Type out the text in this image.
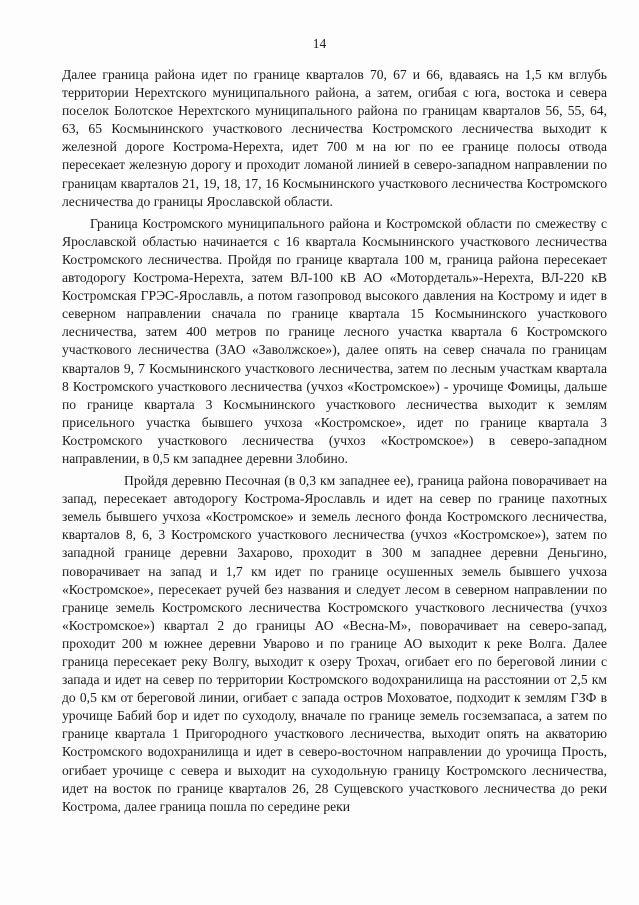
14

Далее граница района идет по границе кварталов 70, 67 и 66, вдаваясь на 1,5 км вглубь территории Нерехтского муниципального района, а затем, огибая с юга, востока и севера поселок Болотское Нерехтского муниципального района по границам кварталов 56, 55, 64, 63, 65 Космынинского участкового лесничества Костромского лесничества выходит к железной дороге Кострома-Нерехта, идет 700 м на юг по ее границе полосы отвода пересекает железную дорогу и проходит ломаной линией в северо-западном направлении по границам кварталов 21, 19, 18, 17, 16 Космынинского участкового лесничества Костромского лесничества до границы Ярославской области.

Граница Костромского муниципального района и Костромской области по смежеству с Ярославской областью начинается с 16 квартала Космынинского участкового лесничества Костромского лесничества. Пройдя по границе квартала 100 м, граница района пересекает автодорогу Кострома-Нерехта, затем ВЛ-100 кВ АО «Мотордеталь»-Нерехта, ВЛ-220 кВ Костромская ГРЭС-Ярославль, а потом газопровод высокого давления на Кострому и идет в северном направлении сначала по границе квартала 15 Космынинского участкового лесничества, затем 400 метров по границе лесного участка квартала 6 Костромского участкового лесничества (ЗАО «Заволжское»), далее опять на север сначала по границам кварталов 9, 7 Космынинского участкового лесничества, затем по лесным участкам квартала 8 Костромского участкового лесничества (учхоз «Костромское») - урочище Фомицы, дальше по границе квартала 3 Космынинского участкового лесничества выходит к землям присельного участка бывшего учхоза «Костромское», идет по границе квартала 3 Костромского участкового лесничества (учхоз «Костромское») в северо-западном направлении, в 0,5 км западнее деревни Злобино.

Пройдя деревню Песочная (в 0,3 км западнее ее), граница района поворачивает на запад, пересекает автодорогу Кострома-Ярославль и идет на север по границе пахотных земель бывшего учхоза «Костромское» и земель лесного фонда Костромского лесничества, кварталов 8, 6, 3 Костромского участкового лесничества (учхоз «Костромское»), затем по западной границе деревни Захарово, проходит в 300 м западнее деревни Деньгино, поворачивает на запад и 1,7 км идет по границе осушенных земель бывшего учхоза «Костромское», пересекает ручей без названия и следует лесом в северном направлении по границе земель Костромского лесничества Костромского участкового лесничества (учхоз «Костромское») квартал 2 до границы АО «Весна-М», поворачивает на северо-запад, проходит 200 м южнее деревни Уварово и по границе АО выходит к реке Волга. Далее граница пересекает реку Волгу, выходит к озеру Трохач, огибает его по береговой линии с запада и идет на север по территории Костромского водохранилища на расстоянии от 2,5 км до 0,5 км от береговой линии, огибает с запада остров Моховатое, подходит к землям ГЗФ в урочище Бабий бор и идет по суходолу, вначале по границе земель госземзапаса, а затем по границе квартала 1 Пригородного участкового лесничества, выходит опять на акваторию Костромского водохранилища и идет в северо-восточном направлении до урочища Прость, огибает урочище с севера и выходит на суходольную границу Костромского лесничества, идет на восток по границе кварталов 26, 28 Сущевского участкового лесничества до реки Кострома, далее граница пошла по середине реки
